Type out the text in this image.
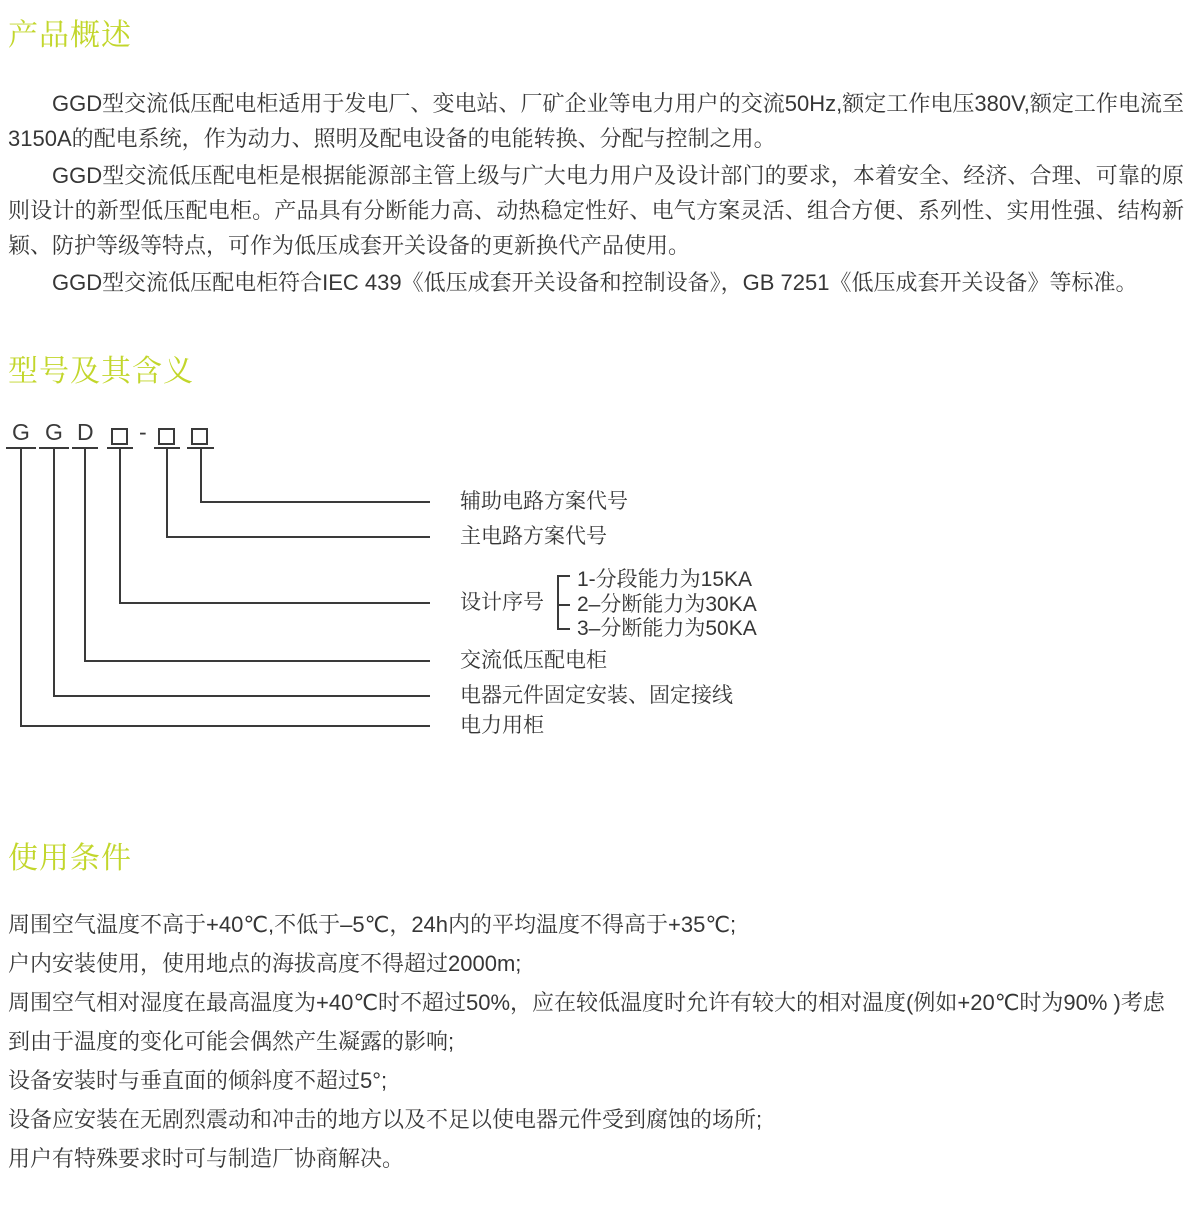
产品概述

GGD型交流低压配电柜适用于发电厂、变电站、厂矿企业等电力用户的交流50Hz,额定工作电压380V,额定工作电流至3150A的配电系统，作为动力、照明及配电设备的电能转换、分配与控制之用。

GGD型交流低压配电柜是根据能源部主管上级与广大电力用户及设计部门的要求，本着安全、经济、合理、可靠的原则设计的新型低压配电柜。产品具有分断能力高、动热稳定性好、电气方案灵活、组合方便、系列性、实用性强、结构新颖、防护等级等特点，可作为低压成套开关设备的更新换代产品使用。

GGD型交流低压配电柜符合IEC 439《低压成套开关设备和控制设备》，GB 7251《低压成套开关设备》等标准。

型号及其含义
G G D -
辅助电路方案代号
主电路方案代号
设计序号
1-分段能力为15KA
2–分断能力为30KA
3–分断能力为50KA
交流低压配电柜
电器元件固定安装、固定接线
电力用柜
使用条件

周围空气温度不高于+40℃,不低于–5℃，24h内的平均温度不得高于+35℃;

户内安装使用，使用地点的海拔高度不得超过2000m;

周围空气相对湿度在最高温度为+40℃时不超过50%，应在较低温度时允许有较大的相对温度(例如+20℃时为90% )考虑到由于温度的变化可能会偶然产生凝露的影响;

设备安装时与垂直面的倾斜度不超过5°;

设备应安装在无剧烈震动和冲击的地方以及不足以使电器元件受到腐蚀的场所;

用户有特殊要求时可与制造厂协商解决。
